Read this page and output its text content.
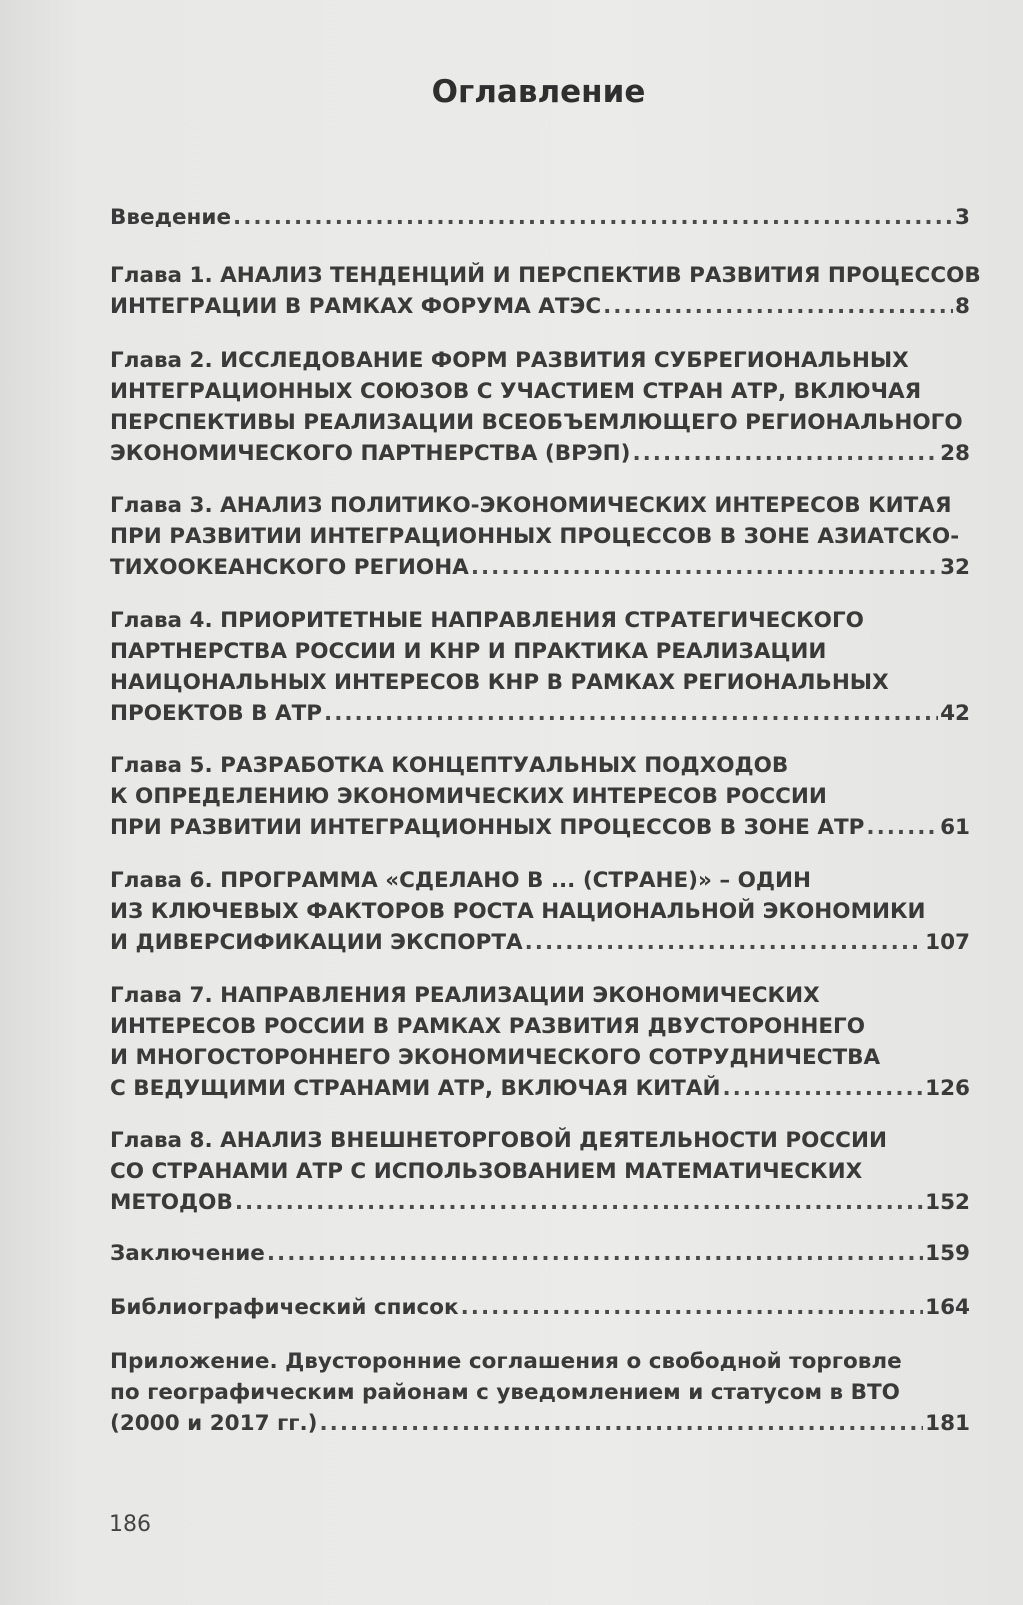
Оглавление
Введение .....	3
Глава 1. АНАЛИЗ ТЕНДЕНЦИЙ И ПЕРСПЕКТИВ РАЗВИТИЯ ПРОЦЕССОВ
ИНТЕГРАЦИИ В РАМКАХ ФОРУМА АТЭС .....	8
Глава 2. ИССЛЕДОВАНИЕ ФОРМ РАЗВИТИЯ СУБРЕГИОНАЛЬНЫХ
ИНТЕГРАЦИОННЫХ СОЮЗОВ С УЧАСТИЕМ СТРАН АТР, ВКЛЮЧАЯ
ПЕРСПЕКТИВЫ РЕАЛИЗАЦИИ ВСЕОБЪЕМЛЮЩЕГО РЕГИОНАЛЬНОГО
ЭКОНОМИЧЕСКОГО ПАРТНЕРСТВА (ВРЭП) .....	28
Глава 3. АНАЛИЗ ПОЛИТИКО-ЭКОНОМИЧЕСКИХ ИНТЕРЕСОВ КИТАЯ
ПРИ РАЗВИТИИ ИНТЕГРАЦИОННЫХ ПРОЦЕССОВ В ЗОНЕ АЗИАТСКО-
ТИХООКЕАНСКОГО РЕГИОНА .....	32
Глава 4. ПРИОРИТЕТНЫЕ НАПРАВЛЕНИЯ СТРАТЕГИЧЕСКОГО
ПАРТНЕРСТВА РОССИИ И КНР И ПРАКТИКА РЕАЛИЗАЦИИ
НАИЦОНАЛЬНЫХ ИНТЕРЕСОВ КНР В РАМКАХ РЕГИОНАЛЬНЫХ
ПРОЕКТОВ В АТР .....	42
Глава 5. РАЗРАБОТКА КОНЦЕПТУАЛЬНЫХ ПОДХОДОВ
К ОПРЕДЕЛЕНИЮ ЭКОНОМИЧЕСКИХ ИНТЕРЕСОВ РОССИИ
ПРИ РАЗВИТИИ ИНТЕГРАЦИОННЫХ ПРОЦЕССОВ В ЗОНЕ АТР .....	61
Глава 6. ПРОГРАММА «СДЕЛАНО В ... (СТРАНЕ)» – ОДИН
ИЗ КЛЮЧЕВЫХ ФАКТОРОВ РОСТА НАЦИОНАЛЬНОЙ ЭКОНОМИКИ
И ДИВЕРСИФИКАЦИИ ЭКСПОРТА .....	107
Глава 7. НАПРАВЛЕНИЯ РЕАЛИЗАЦИИ ЭКОНОМИЧЕСКИХ
ИНТЕРЕСОВ РОССИИ В РАМКАХ РАЗВИТИЯ ДВУСТОРОННЕГО
И МНОГОСТОРОННЕГО ЭКОНОМИЧЕСКОГО СОТРУДНИЧЕСТВА
С ВЕДУЩИМИ СТРАНАМИ АТР, ВКЛЮЧАЯ КИТАЙ .....	126
Глава 8. АНАЛИЗ ВНЕШНЕТОРГОВОЙ ДЕЯТЕЛЬНОСТИ РОССИИ
СО СТРАНАМИ АТР С ИСПОЛЬЗОВАНИЕМ МАТЕМАТИЧЕСКИХ
МЕТОДОВ .....	152
Заключение .....	159
Библиографический список .....	164
Приложение. Двусторонние соглашения о свободной торговле
по географическим районам с уведомлением и статусом в ВТО
(2000 и 2017 гг.) .....	181
186
